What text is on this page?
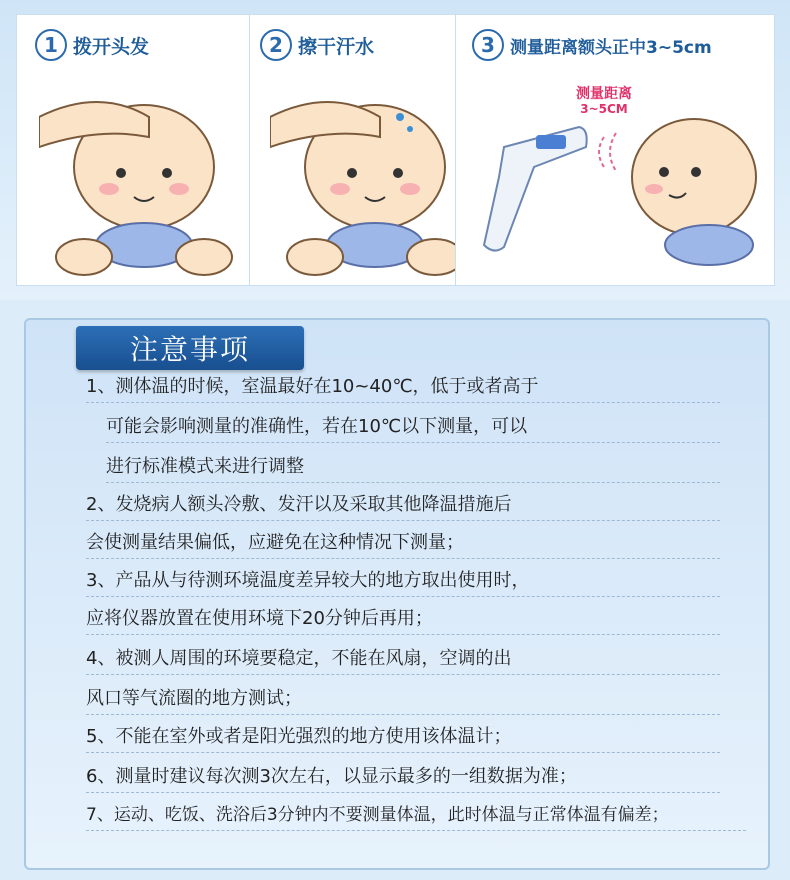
1 拨开头发	2 擦干汗水	3 测量距离额头正中3~5cm
测量距离
3~5CM
注意事项
1、测体温的时候，室温最好在10~40℃，低于或者高于
可能会影响测量的准确性，若在10℃以下测量，可以
进行标准模式来进行调整
2、发烧病人额头冷敷、发汗以及采取其他降温措施后
会使测量结果偏低，应避免在这种情况下测量；
3、产品从与待测环境温度差异较大的地方取出使用时，
应将仪器放置在使用环境下20分钟后再用；
4、被测人周围的环境要稳定，不能在风扇，空调的出
风口等气流圈的地方测试；
5、不能在室外或者是阳光强烈的地方使用该体温计；
6、测量时建议每次测3次左右，以显示最多的一组数据为准；
7、运动、吃饭、洗浴后3分钟内不要测量体温，此时体温与正常体温有偏差；
